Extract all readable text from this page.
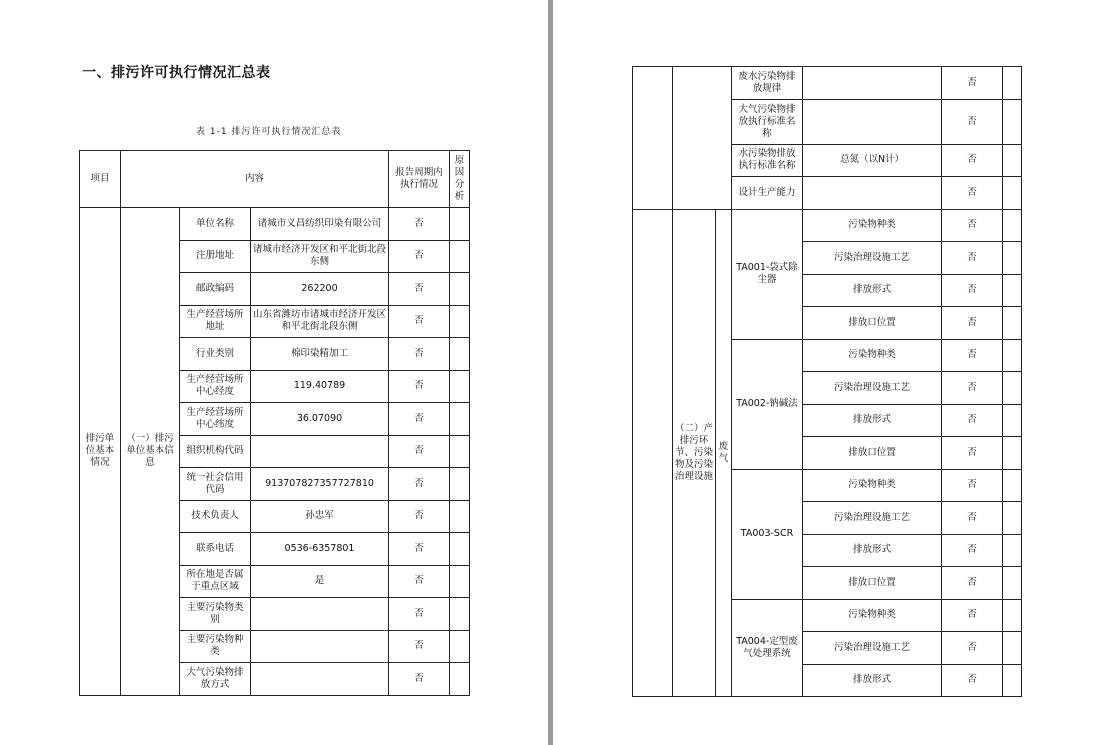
一、排污许可执行情况汇总表
表 1-1 排污许可执行情况汇总表
项目	内容			报告周期内执行情况	原因分析
排污单位基本情况	（一）排污单位基本信息	单位名称	诸城市义昌纺织印染有限公司	否	
		注册地址	诸城市经济开发区和平北街北段东侧	否	
		邮政编码	262200	否	
		生产经营场所地址	山东省潍坊市诸城市经济开发区和平北街北段东侧	否	
		行业类别	棉印染精加工	否	
		生产经营场所中心经度	119.40789	否	
		生产经营场所中心纬度	36.07090	否	
		组织机构代码		否	
		统一社会信用代码	913707827357727810	否	
		技术负责人	孙忠军	否	
		联系电话	0536-6357801	否	
		所在地是否属于重点区域	是	否	
		主要污染物类别		否	
		主要污染物种类		否	
		大气污染物排放方式		否	
			废水污染物排放规律		否	
			大气污染物排放执行标准名称		否	
			水污染物排放执行标准名称	总氮（以N计）	否	
			设计生产能力		否	
	（二）产排污环节、污染物及污染治理设施	废气	TA001-袋式除尘器	污染物种类	否	
				污染治理设施工艺	否	
				排放形式	否	
				排放口位置	否	
			TA002-钠碱法	污染物种类	否	
				污染治理设施工艺	否	
				排放形式	否	
				排放口位置	否	
			TA003-SCR	污染物种类	否	
				污染治理设施工艺	否	
				排放形式	否	
				排放口位置	否	
			TA004-定型废气处理系统	污染物种类	否	
				污染治理设施工艺	否	
				排放形式	否	
